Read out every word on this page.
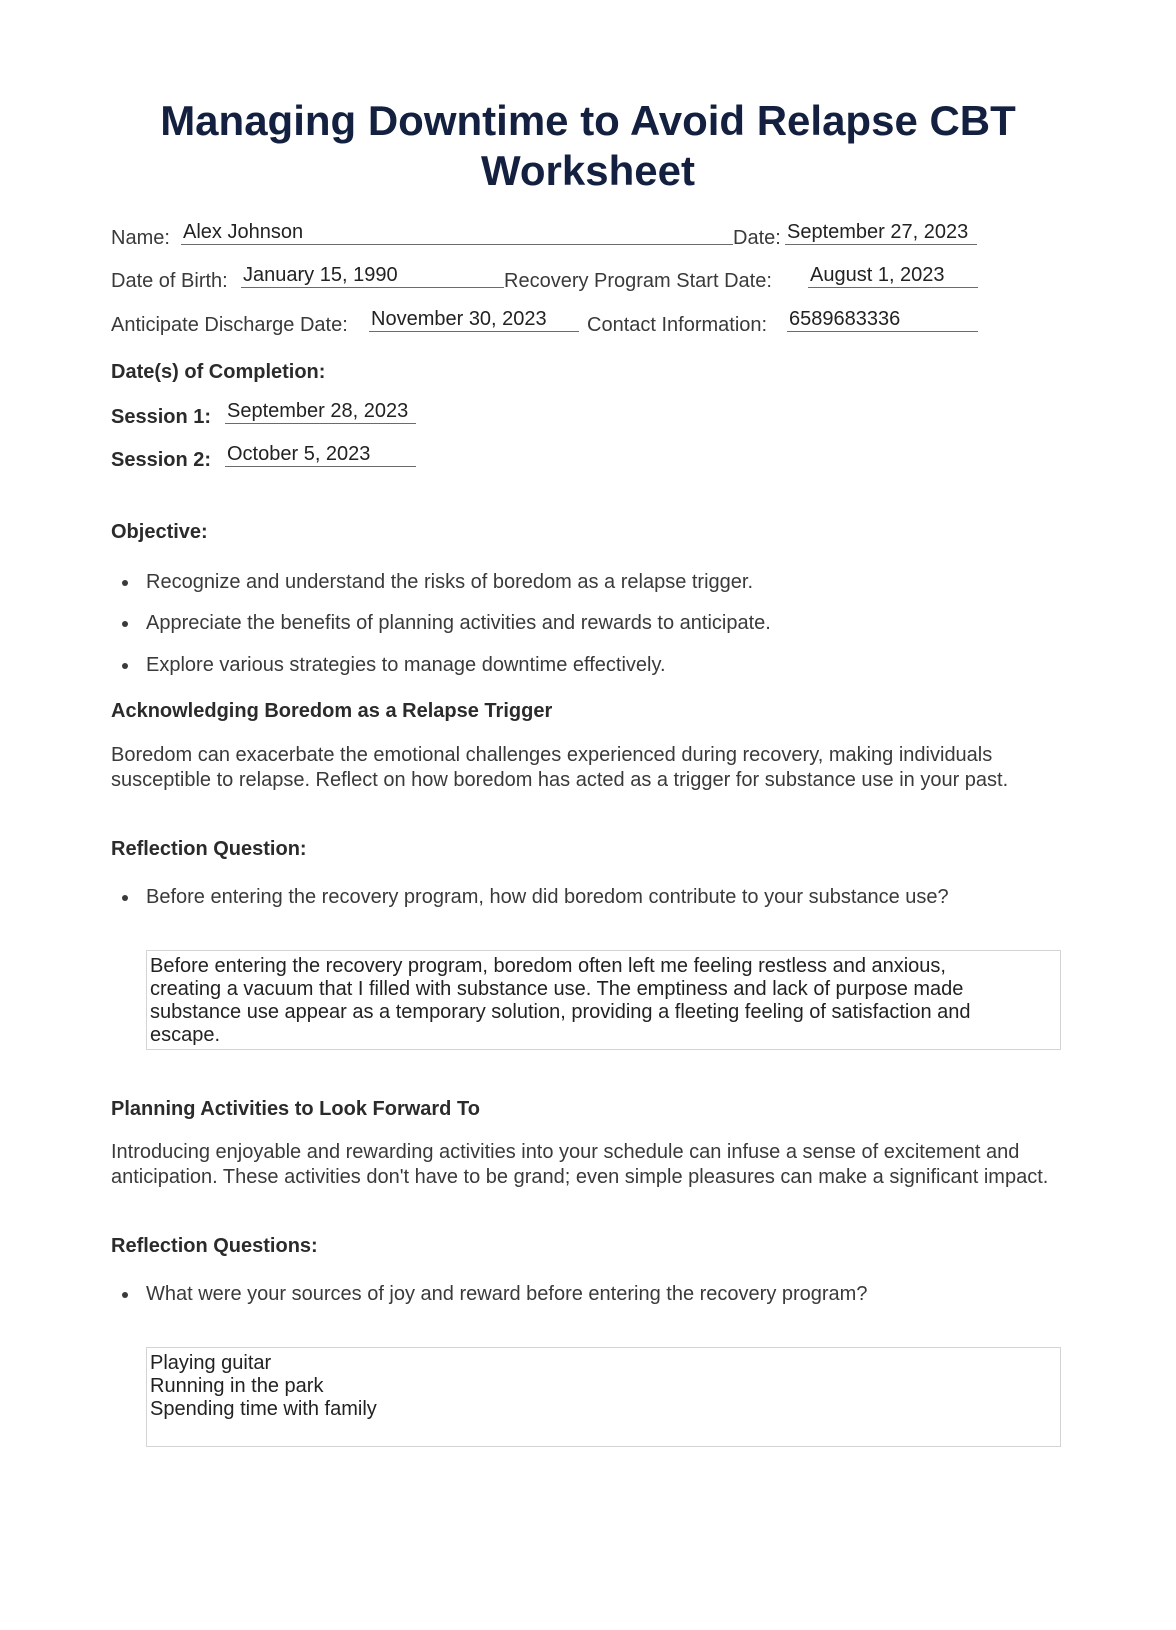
Managing Downtime to Avoid Relapse CBT Worksheet
Name: Alex Johnson	Date: September 27, 2023
Date of Birth: January 15, 1990	Recovery Program Start Date: August 1, 2023
Anticipate Discharge Date: November 30, 2023	Contact Information: 6589683336
Date(s) of Completion:
Session 1: September 28, 2023
Session 2: October 5, 2023
Objective:
Recognize and understand the risks of boredom as a relapse trigger.
Appreciate the benefits of planning activities and rewards to anticipate.
Explore various strategies to manage downtime effectively.
Acknowledging Boredom as a Relapse Trigger

Boredom can exacerbate the emotional challenges experienced during recovery, making individuals susceptible to relapse. Reflect on how boredom has acted as a trigger for substance use in your past.

Reflection Question:
Before entering the recovery program, how did boredom contribute to your substance use?
Before entering the recovery program, boredom often left me feeling restless and anxious,
creating a vacuum that I filled with substance use. The emptiness and lack of purpose made
substance use appear as a temporary solution, providing a fleeting feeling of satisfaction and
escape.
Planning Activities to Look Forward To

Introducing enjoyable and rewarding activities into your schedule can infuse a sense of excitement and anticipation. These activities don't have to be grand; even simple pleasures can make a significant impact.

Reflection Questions:
What were your sources of joy and reward before entering the recovery program?
Playing guitar
Running in the park
Spending time with family
